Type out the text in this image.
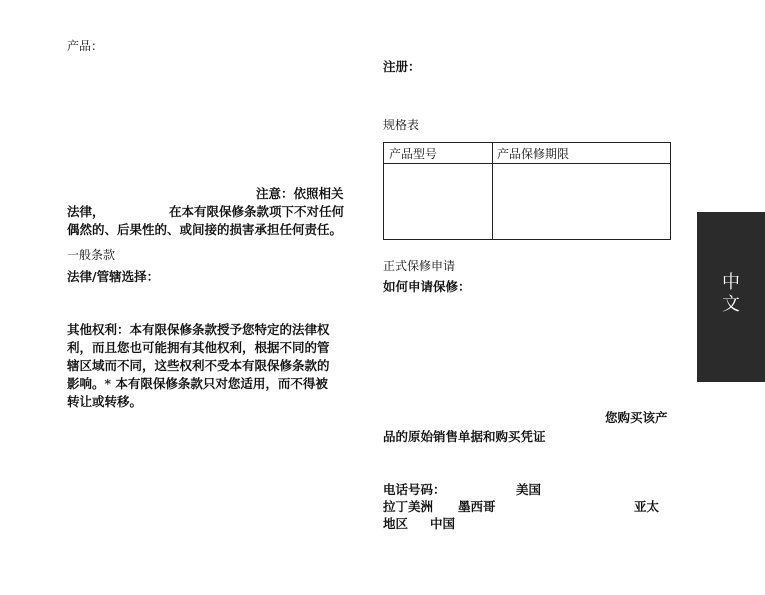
产品：
注意：依照相关
法律，	在本有限保修条款项下不对任何
偶然的、后果性的、或间接的损害承担任何责任。
一般条款
法律/管辖选择：
其他权利：本有限保修条款授予您特定的法律权
利，而且您也可能拥有其他权利，根据不同的管
辖区域而不同，这些权利不受本有限保修条款的
影响。* 本有限保修条款只对您适用，而不得被
转让或转移。
注册：
规格表
产品型号	产品保修期限
正式保修申请
如何申请保修：
您购买该产
品的原始销售单据和购买凭证
电话号码：	美国
拉丁美洲 墨西哥	亚太
地区 中国
中
文
